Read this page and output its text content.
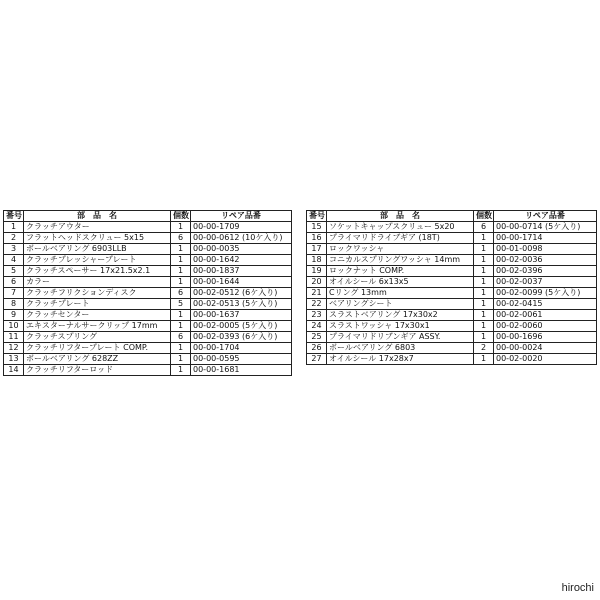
番号	部　品　名	個数	リペア品番
1	クラッチアウター	1	00-00-1709
2	フラットヘッドスクリュー 5x15	6	00-00-0612 (10ケ入り)
3	ボールベアリング 6903LLB	1	00-00-0035
4	クラッチプレッシャープレート	1	00-00-1642
5	クラッチスペーサー 17x21.5x2.1	1	00-00-1837
6	カラー	1	00-00-1644
7	クラッチフリクションディスク	6	00-02-0512 (6ケ入り)
8	クラッチプレート	5	00-02-0513 (5ケ入り)
9	クラッチセンター	1	00-00-1637
10	エキスターナルサークリップ 17mm	1	00-02-0005 (5ケ入り)
11	クラッチスプリング	6	00-02-0393 (6ケ入り)
12	クラッチリフタープレート COMP.	1	00-00-1704
13	ボールベアリング 628ZZ	1	00-00-0595
14	クラッチリフターロッド	1	00-00-1681
番号	部　品　名	個数	リペア品番
15	ソケットキャップスクリュー 5x20	6	00-00-0714 (5ケ入り)
16	プライマリドライブギア (18T)	1	00-00-1714
17	ロックワッシャ	1	00-01-0098
18	コニカルスプリングワッシャ 14mm	1	00-02-0036
19	ロックナット COMP.	1	00-02-0396
20	オイルシール 6x13x5	1	00-02-0037
21	Cリング 13mm	1	00-02-0099 (5ケ入り)
22	ベアリングシート	1	00-02-0415
23	スラストベアリング 17x30x2	1	00-02-0061
24	スラストワッシャ 17x30x1	1	00-02-0060
25	プライマリドリブンギア ASSY.	1	00-00-1696
26	ボールベアリング 6803	2	00-00-0024
27	オイルシール 17x28x7	1	00-02-0020
hirochi
